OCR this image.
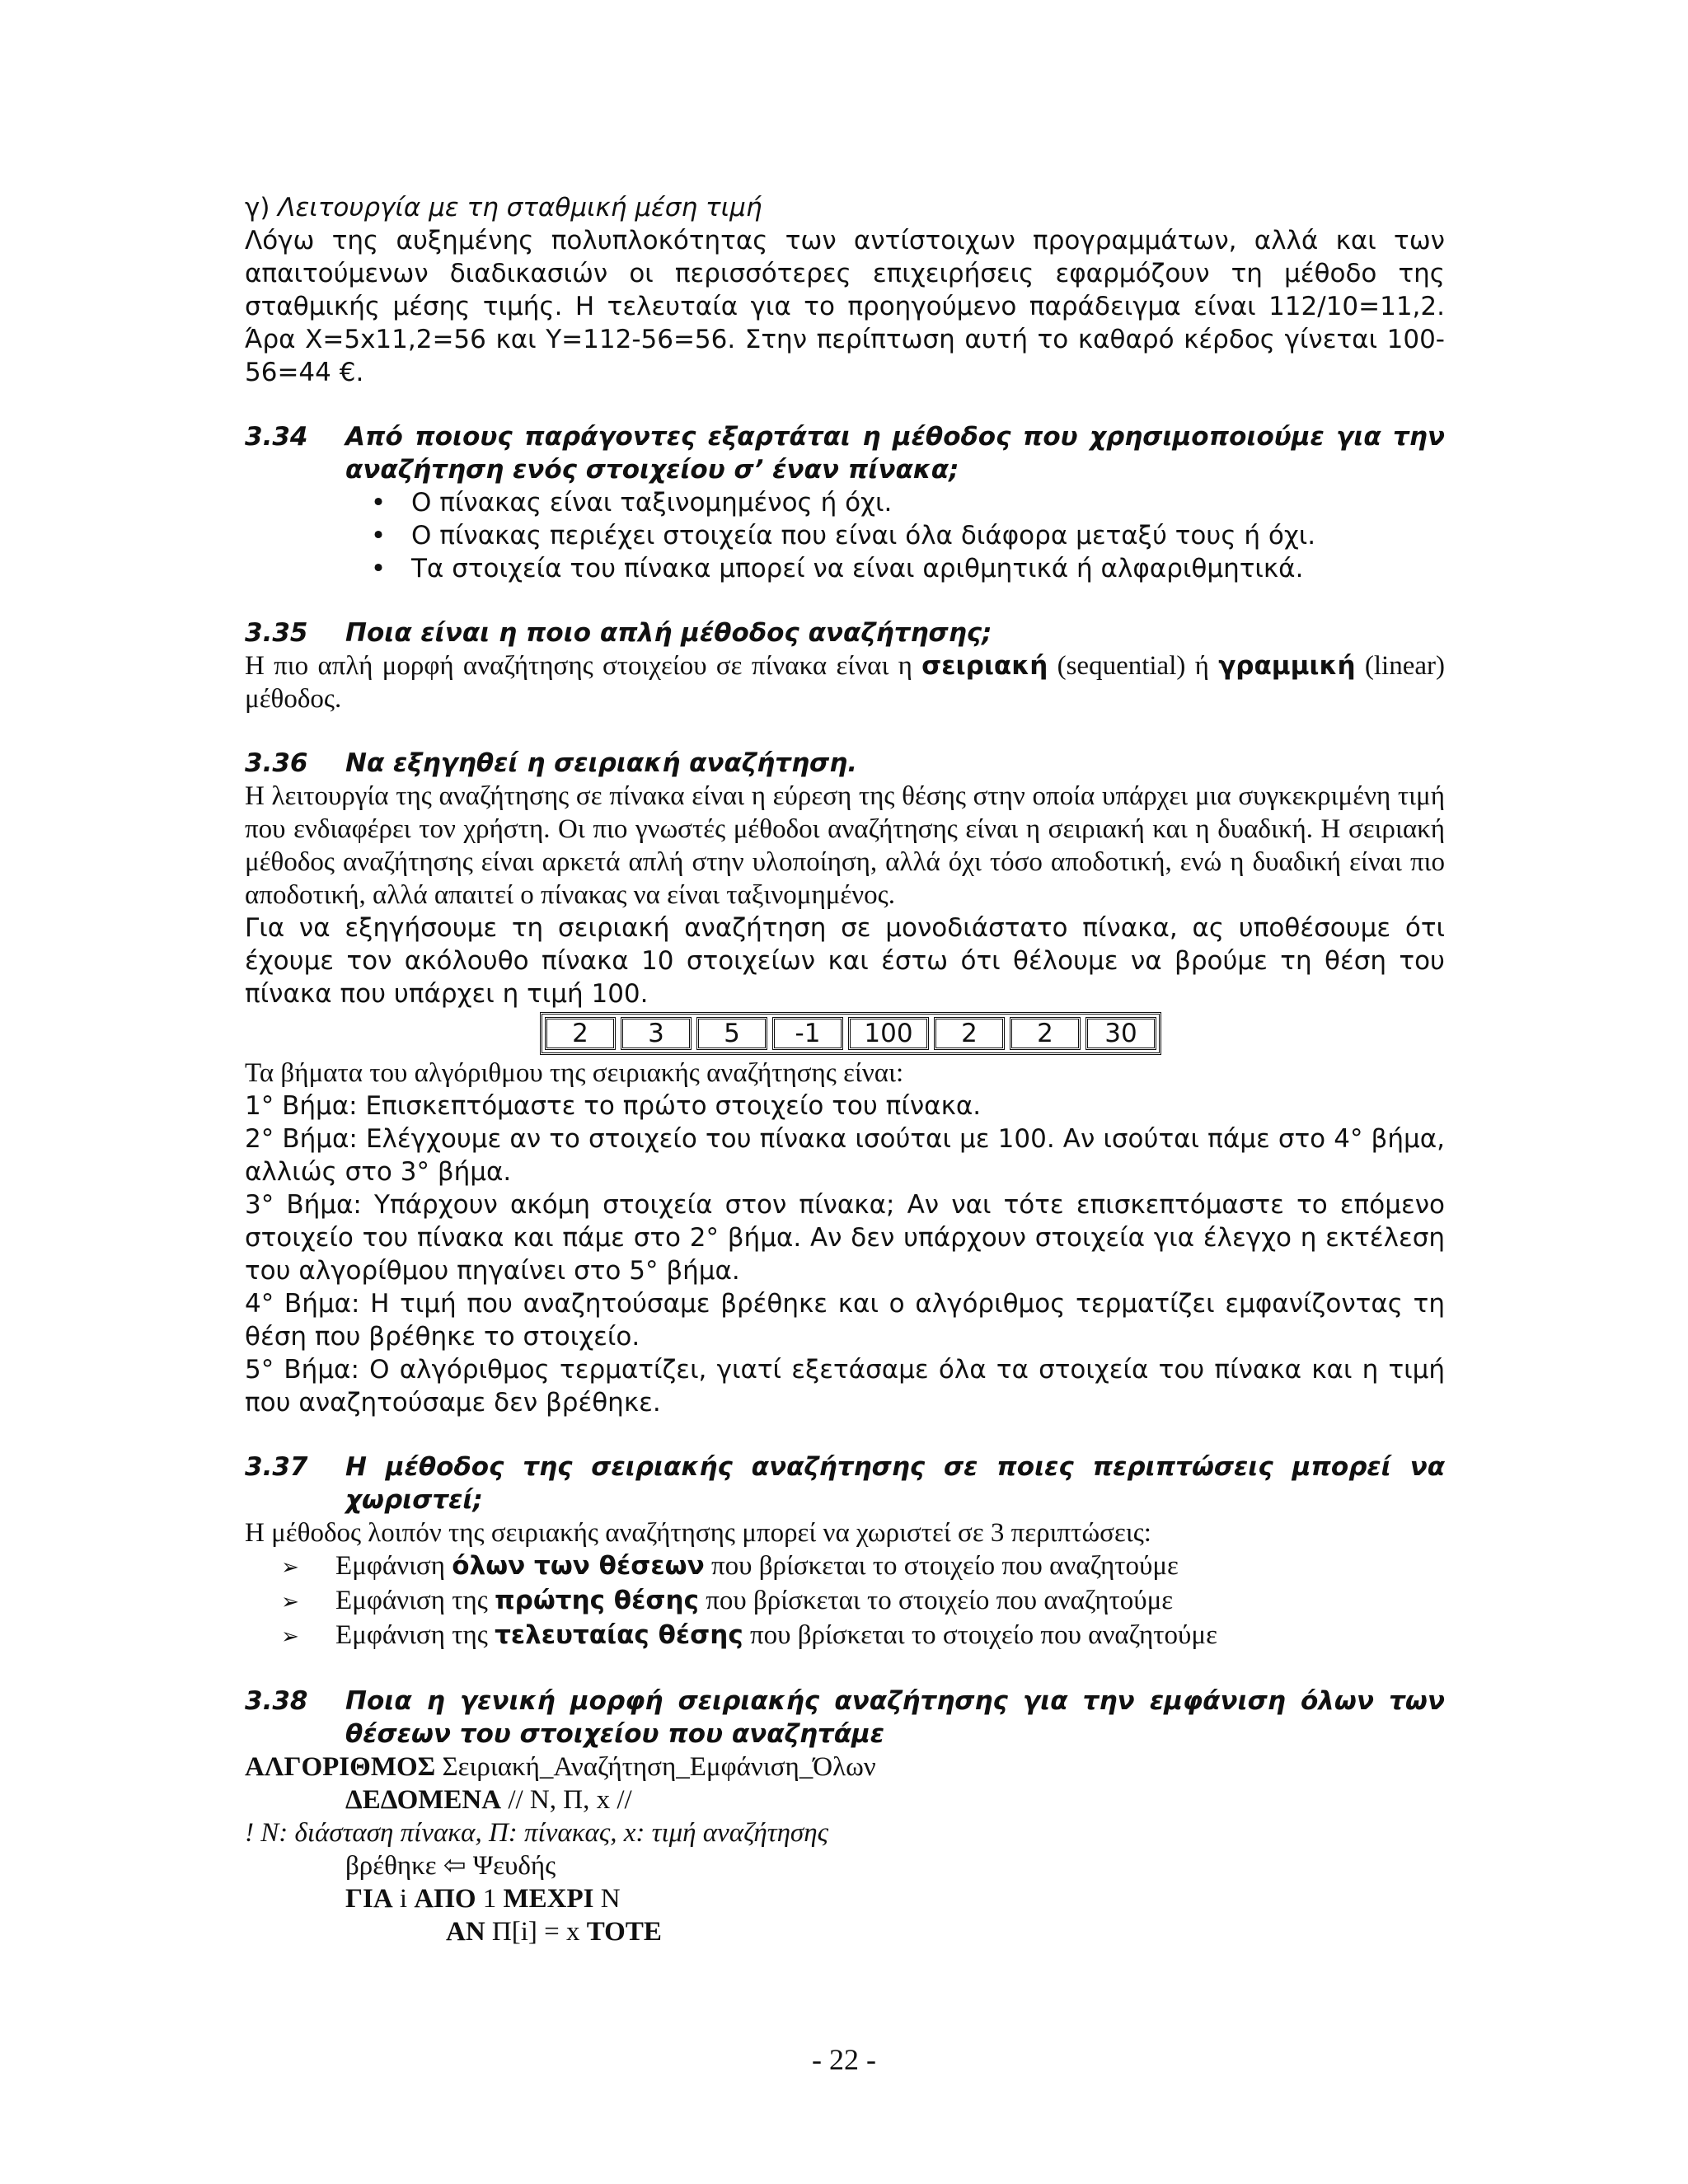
γ) Λειτουργία με τη σταθμική μέση τιμή

Λόγω της αυξημένης πολυπλοκότητας των αντίστοιχων προγραμμάτων, αλλά και των απαιτούμενων διαδικασιών οι περισσότερες επιχειρήσεις εφαρμόζουν τη μέθοδο της σταθμικής μέσης τιμής. Η τελευταία για το προηγούμενο παράδειγμα είναι 112/10=11,2. Άρα Χ=5x11,2=56 και Υ=112-56=56. Στην περίπτωση αυτή το καθαρό κέρδος γίνεται 100-56=44 €.

3.34	Από ποιους παράγοντες εξαρτάται η μέθοδος που χρησιμοποιούμε για την αναζήτηση ενός στοιχείου σ’ έναν πίνακα;
•
Ο πίνακας είναι ταξινομημένος ή όχι.
•
Ο πίνακας περιέχει στοιχεία που είναι όλα διάφορα μεταξύ τους ή όχι.
•
Τα στοιχεία του πίνακα μπορεί να είναι αριθμητικά ή αλφαριθμητικά.
3.35	Ποια είναι η ποιο απλή μέθοδος αναζήτησης;

Η πιο απλή μορφή αναζήτησης στοιχείου σε πίνακα είναι η σειριακή (sequential) ή γραμμική (linear) μέθοδος.

3.36	Να εξηγηθεί η σειριακή αναζήτηση.

Η λειτουργία της αναζήτησης σε πίνακα είναι η εύρεση της θέσης στην οποία υπάρχει μια συγκεκριμένη τιμή που ενδιαφέρει τον χρήστη. Οι πιο γνωστές μέθοδοι αναζήτησης είναι η σειριακή και η δυαδική. Η σειριακή μέθοδος αναζήτησης είναι αρκετά απλή στην υλοποίηση, αλλά όχι τόσο αποδοτική, ενώ η δυαδική είναι πιο αποδοτική, αλλά απαιτεί ο πίνακας να είναι ταξινομημένος.

Για να εξηγήσουμε τη σειριακή αναζήτηση σε μονοδιάστατο πίνακα, ας υποθέσουμε ότι έχουμε τον ακόλουθο πίνακα 10 στοιχείων και έστω ότι θέλουμε να βρούμε τη θέση του πίνακα που υπάρχει η τιμή 100.

2	3	5	-1	100	2	2	30

Τα βήματα του αλγόριθμου της σειριακής αναζήτησης είναι:

1° Βήμα: Επισκεπτόμαστε το πρώτο στοιχείο του πίνακα.

2° Βήμα: Ελέγχουμε αν το στοιχείο του πίνακα ισούται με 100. Αν ισούται πάμε στο 4° βήμα, αλλιώς στο 3° βήμα.

3° Βήμα: Υπάρχουν ακόμη στοιχεία στον πίνακα; Αν ναι τότε επισκεπτόμαστε το επόμενο στοιχείο του πίνακα και πάμε στο 2° βήμα. Αν δεν υπάρχουν στοιχεία για έλεγχο η εκτέλεση του αλγορίθμου πηγαίνει στο 5° βήμα.

4° Βήμα: Η τιμή που αναζητούσαμε βρέθηκε και ο αλγόριθμος τερματίζει εμφανίζοντας τη θέση που βρέθηκε το στοιχείο.

5° Βήμα: Ο αλγόριθμος τερματίζει, γιατί εξετάσαμε όλα τα στοιχεία του πίνακα και η τιμή που αναζητούσαμε δεν βρέθηκε.

3.37	Η μέθοδος της σειριακής αναζήτησης σε ποιες περιπτώσεις μπορεί να χωριστεί;

Η μέθοδος λοιπόν της σειριακής αναζήτησης μπορεί να χωριστεί σε 3 περιπτώσεις:

➢
Εμφάνιση όλων των θέσεων που βρίσκεται το στοιχείο που αναζητούμε
➢
Εμφάνιση της πρώτης θέσης που βρίσκεται το στοιχείο που αναζητούμε
➢
Εμφάνιση της τελευταίας θέσης που βρίσκεται το στοιχείο που αναζητούμε
3.38	Ποια η γενική μορφή σειριακής αναζήτησης για την εμφάνιση όλων των θέσεων του στοιχείου που αναζητάμε

ΑΛΓΟΡΙΘΜΟΣ Σειριακή_Αναζήτηση_Εμφάνιση_Όλων

ΔΕΔΟΜΕΝΑ // Ν, Π, x //

! Ν: διάσταση πίνακα, Π: πίνακας, x: τιμή αναζήτησης

βρέθηκε ⇦ Ψευδής

ΓΙΑ i ΑΠΟ 1 ΜΕΧΡΙ Ν

ΑΝ Π[i] = x ΤΟΤΕ

- 22 -
